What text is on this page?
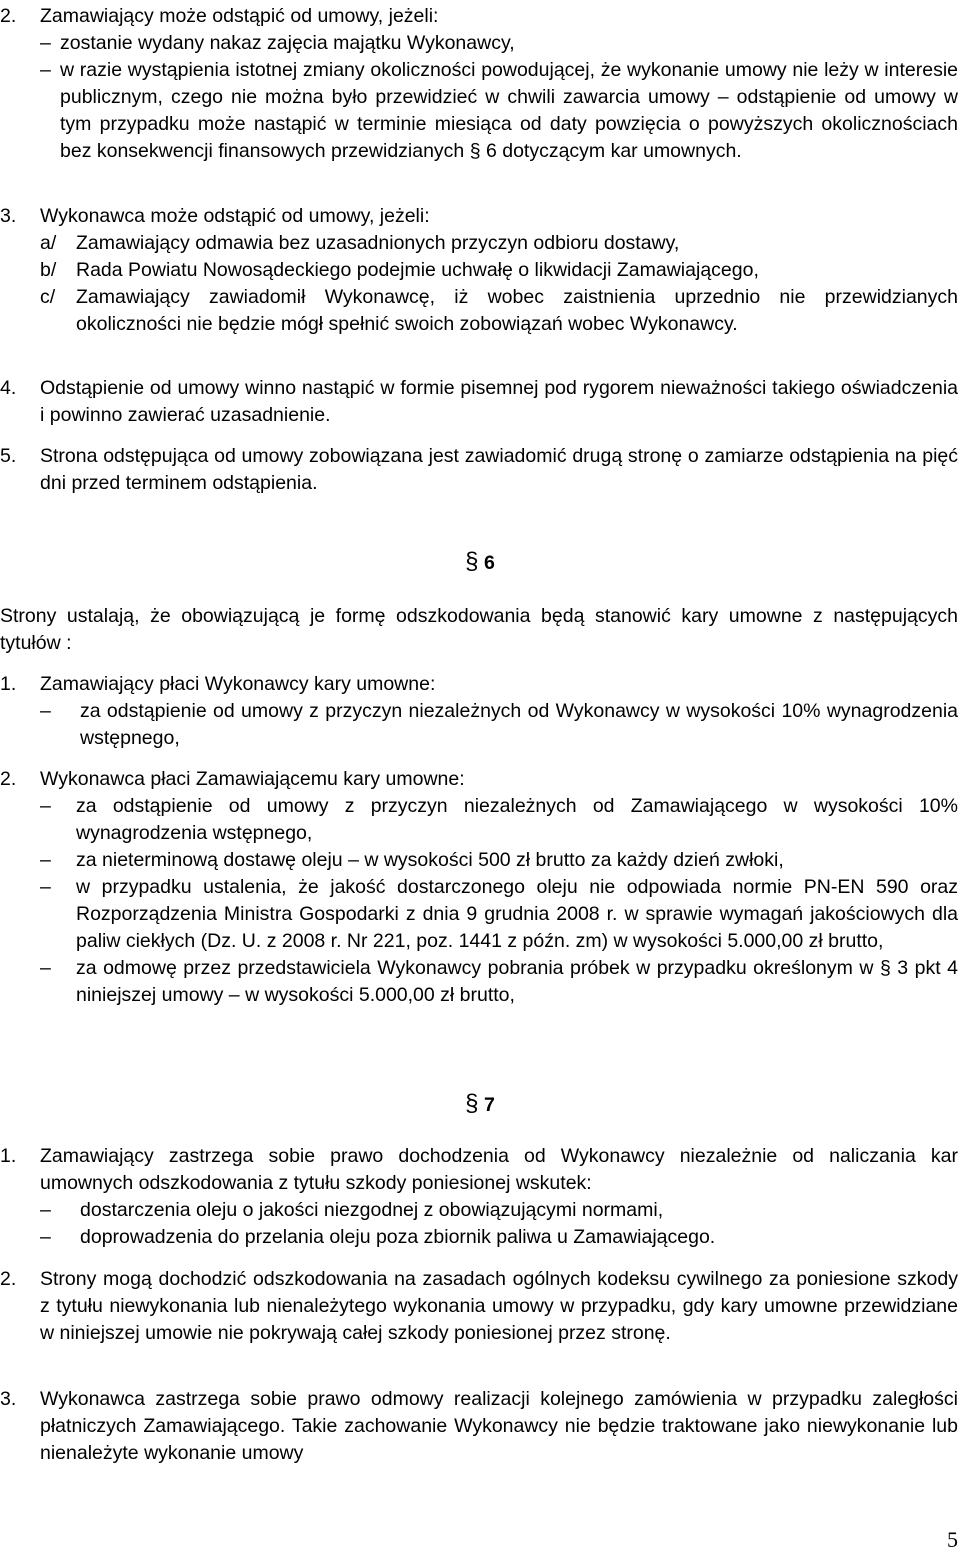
2. Zamawiający może odstąpić od umowy, jeżeli:
– zostanie wydany nakaz zajęcia majątku Wykonawcy,
– w razie wystąpienia istotnej zmiany okoliczności powodującej, że wykonanie umowy nie leży w interesie publicznym, czego nie można było przewidzieć w chwili zawarcia umowy – odstąpienie od umowy w tym przypadku może nastąpić w terminie miesiąca od daty powzięcia o powyższych okolicznościach bez konsekwencji finansowych przewidzianych § 6 dotyczącym kar umownych.
3. Wykonawca może odstąpić od umowy, jeżeli:
a/ Zamawiający odmawia bez uzasadnionych przyczyn odbioru dostawy,
b/ Rada Powiatu Nowosądeckiego podejmie uchwałę o likwidacji Zamawiającego,
c/ Zamawiający zawiadomił Wykonawcę, iż wobec zaistnienia uprzednio nie przewidzianych okoliczności nie będzie mógł spełnić swoich zobowiązań wobec Wykonawcy.
4. Odstąpienie od umowy winno nastąpić w formie pisemnej pod rygorem nieważności takiego oświadczenia i powinno zawierać uzasadnienie.
5. Strona odstępująca od umowy zobowiązana jest zawiadomić drugą stronę o zamiarze odstąpienia na pięć dni przed terminem odstąpienia.
§ 6
Strony ustalają, że obowiązującą je formę odszkodowania będą stanowić kary umowne z następujących tytułów :
1. Zamawiający płaci Wykonawcy kary umowne:
– za odstąpienie od umowy z przyczyn niezależnych od Wykonawcy w wysokości 10% wynagrodzenia wstępnego,
2. Wykonawca płaci Zamawiającemu kary umowne:
– za odstąpienie od umowy z przyczyn niezależnych od Zamawiającego w wysokości 10% wynagrodzenia wstępnego,
– za nieterminową dostawę oleju – w wysokości 500 zł brutto za każdy dzień zwłoki,
– w przypadku ustalenia, że jakość dostarczonego oleju nie odpowiada normie PN-EN 590 oraz Rozporządzenia Ministra Gospodarki z dnia 9 grudnia 2008 r. w sprawie wymagań jakościowych dla paliw ciekłych (Dz. U. z 2008 r. Nr 221, poz. 1441 z późn. zm) w wysokości 5.000,00 zł brutto,
– za odmowę przez przedstawiciela Wykonawcy pobrania próbek w przypadku określonym w § 3 pkt 4 niniejszej umowy – w wysokości 5.000,00 zł brutto,
§ 7
1. Zamawiający zastrzega sobie prawo dochodzenia od Wykonawcy niezależnie od naliczania kar umownych odszkodowania z tytułu szkody poniesionej wskutek:
– dostarczenia oleju o jakości niezgodnej z obowiązującymi normami,
– doprowadzenia do przelania oleju poza zbiornik paliwa u Zamawiającego.
2. Strony mogą dochodzić odszkodowania na zasadach ogólnych kodeksu cywilnego za poniesione szkody z tytułu niewykonania lub nienależytego wykonania umowy w przypadku, gdy kary umowne przewidziane w niniejszej umowie nie pokrywają całej szkody poniesionej przez stronę.
3. Wykonawca zastrzega sobie prawo odmowy realizacji kolejnego zamówienia w przypadku zaległości płatniczych Zamawiającego. Takie zachowanie Wykonawcy nie będzie traktowane jako niewykonanie lub nienależyte wykonanie umowy
5
